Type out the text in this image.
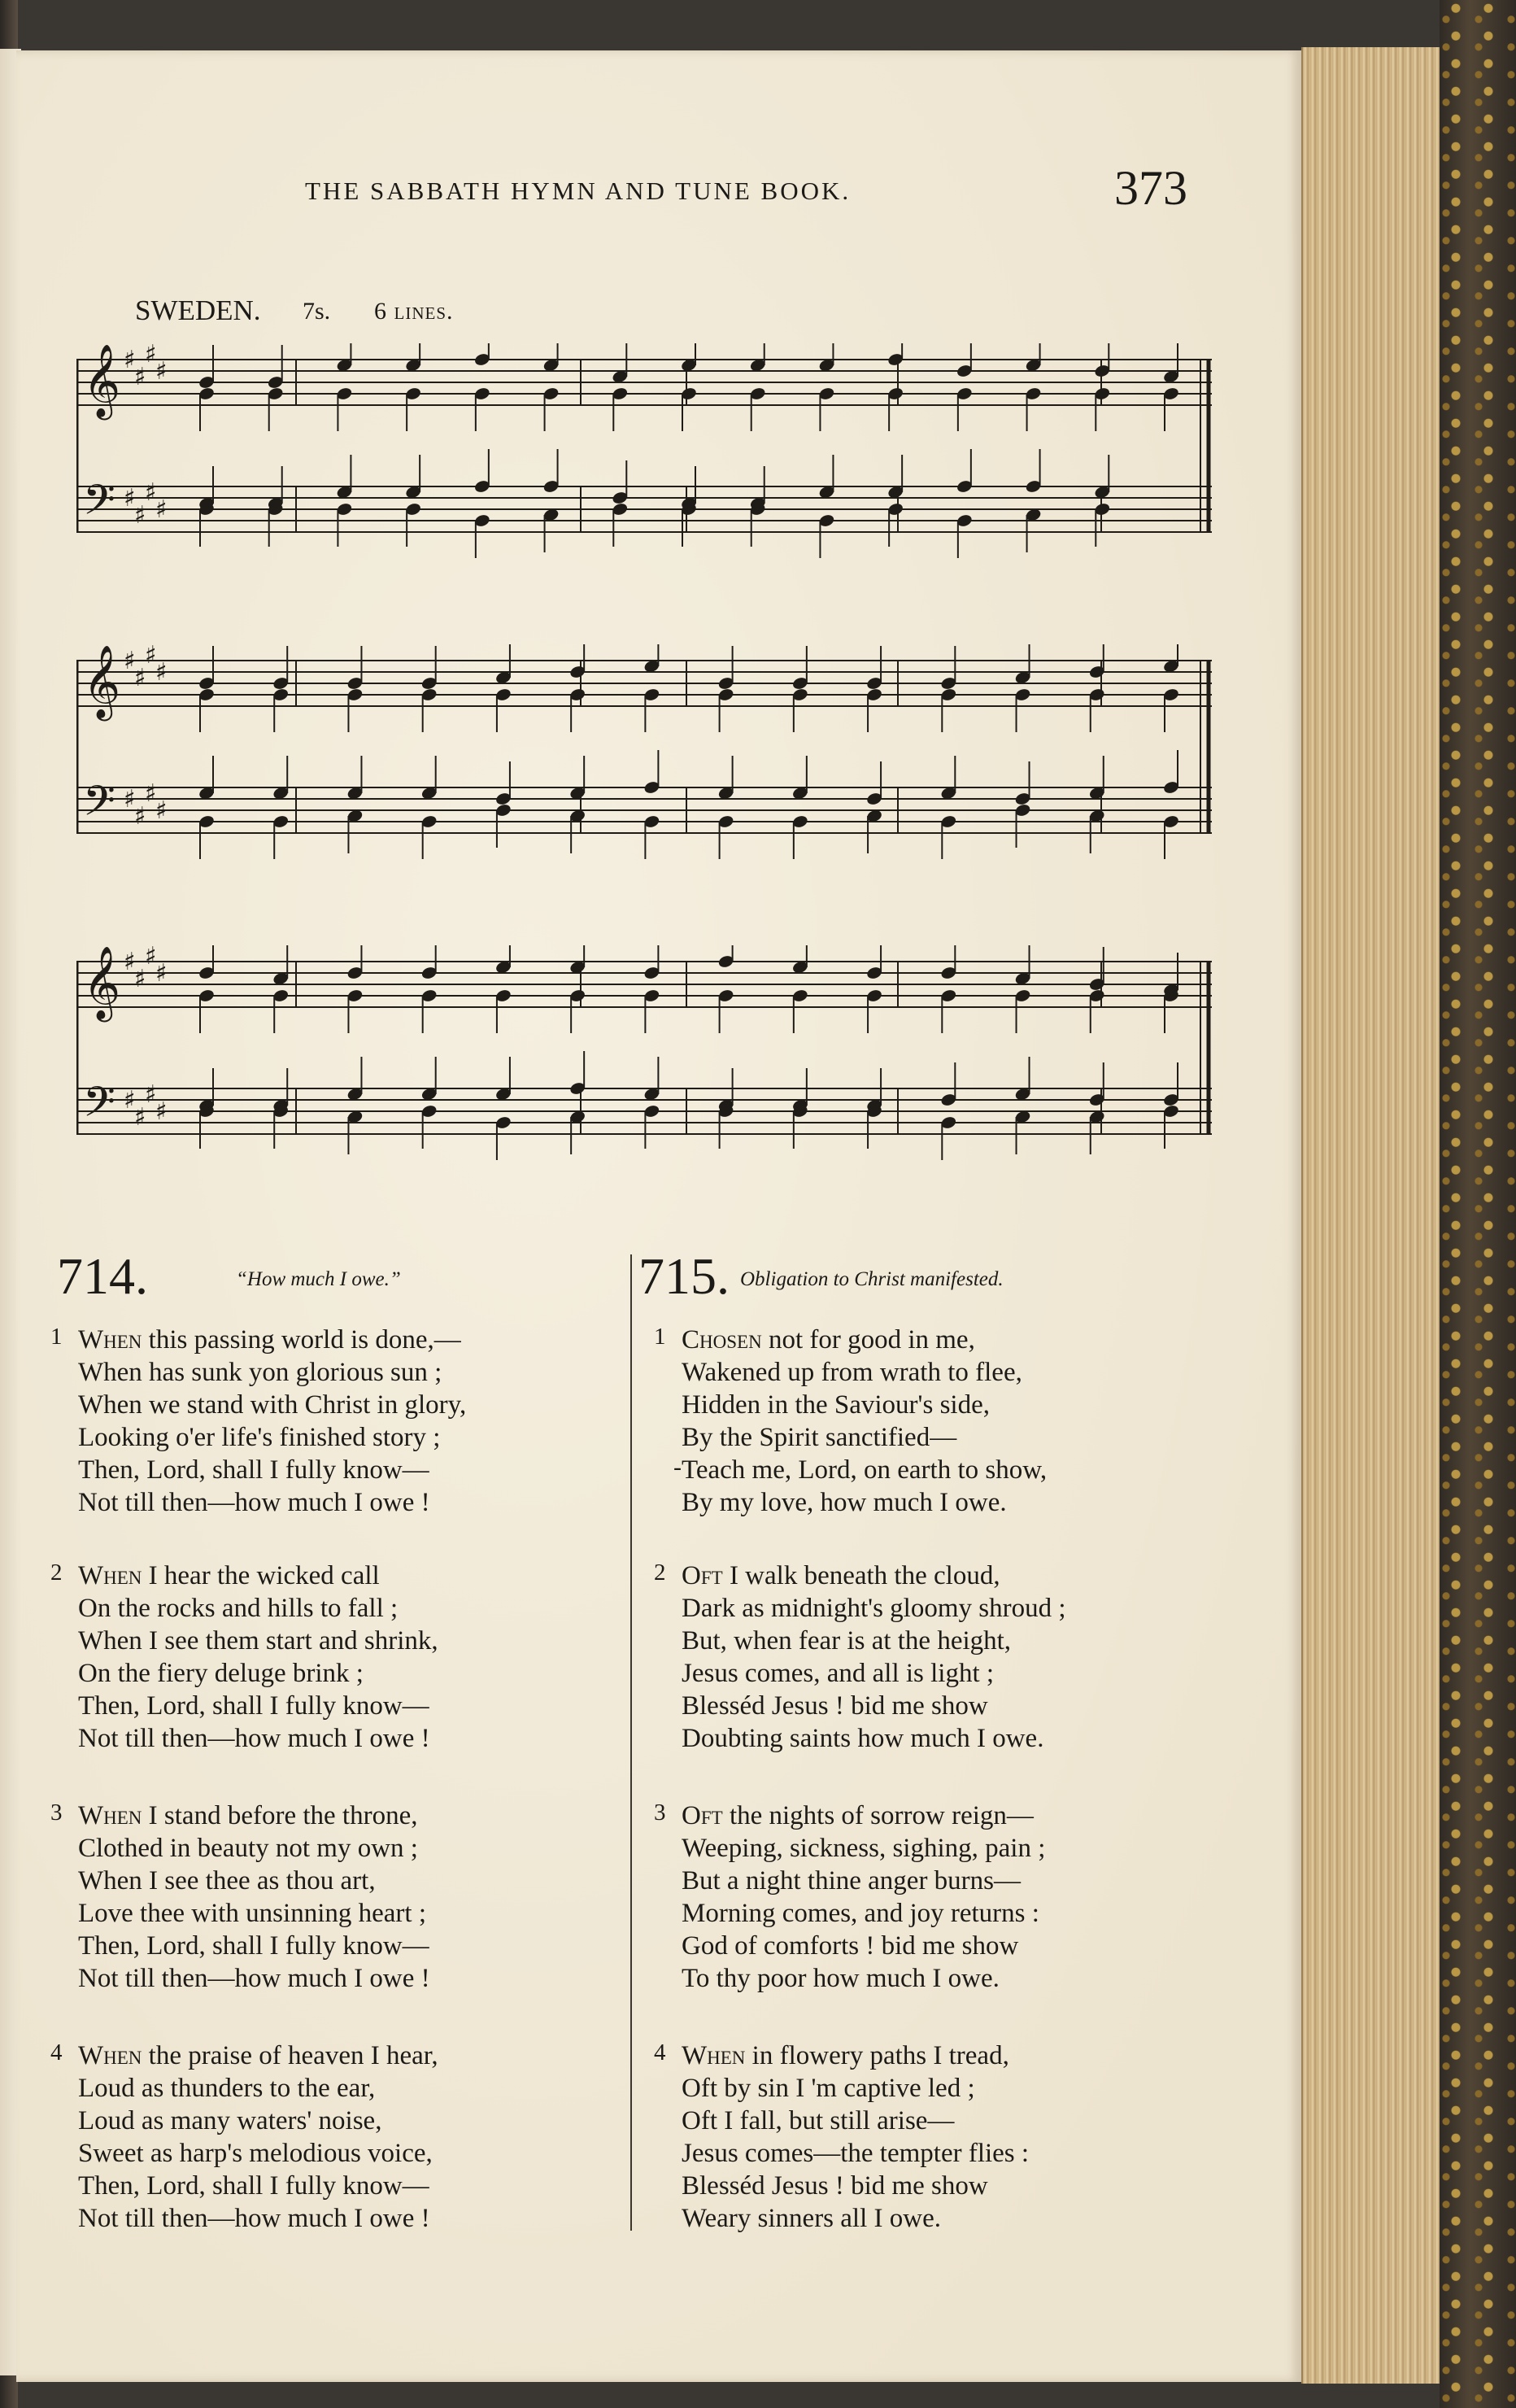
THE SABBATH HYMN AND TUNE BOOK.	373
SWEDEN. 7s. 6 lines.
𝄞
𝄢
♯
♯
♯
♯
♯
♯
♯
♯
𝄞
𝄢
♯
♯
♯
♯
♯
♯
♯
♯
𝄞
𝄢
♯
♯
♯
♯
♯
♯
♯
♯
714.	“How much I owe.”	715. Obligation to Christ manifested.
-
1 When this passing world is done,—
When has sunk yon glorious sun ;
When we stand with Christ in glory,
Looking o'er life's finished story ;
Then, Lord, shall I fully know—
Not till then—how much I owe !
2 When I hear the wicked call
On the rocks and hills to fall ;
When I see them start and shrink,
On the fiery deluge brink ;
Then, Lord, shall I fully know—
Not till then—how much I owe !
3 When I stand before the throne,
Clothed in beauty not my own ;
When I see thee as thou art,
Love thee with unsinning heart ;
Then, Lord, shall I fully know—
Not till then—how much I owe !
4 When the praise of heaven I hear,
Loud as thunders to the ear,
Loud as many waters' noise,
Sweet as harp's melodious voice,
Then, Lord, shall I fully know—
Not till then—how much I owe !
1 Chosen not for good in me,
Wakened up from wrath to flee,
Hidden in the Saviour's side,
By the Spirit sanctified—
Teach me, Lord, on earth to show,
By my love, how much I owe.
2 Oft I walk beneath the cloud,
Dark as midnight's gloomy shroud ;
But, when fear is at the height,
Jesus comes, and all is light ;
Blesséd Jesus ! bid me show
Doubting saints how much I owe.
3 Oft the nights of sorrow reign—
Weeping, sickness, sighing, pain ;
But a night thine anger burns—
Morning comes, and joy returns :
God of comforts ! bid me show
To thy poor how much I owe.
4 When in flowery paths I tread,
Oft by sin I 'm captive led ;
Oft I fall, but still arise—
Jesus comes—the tempter flies :
Blesséd Jesus ! bid me show
Weary sinners all I owe.
